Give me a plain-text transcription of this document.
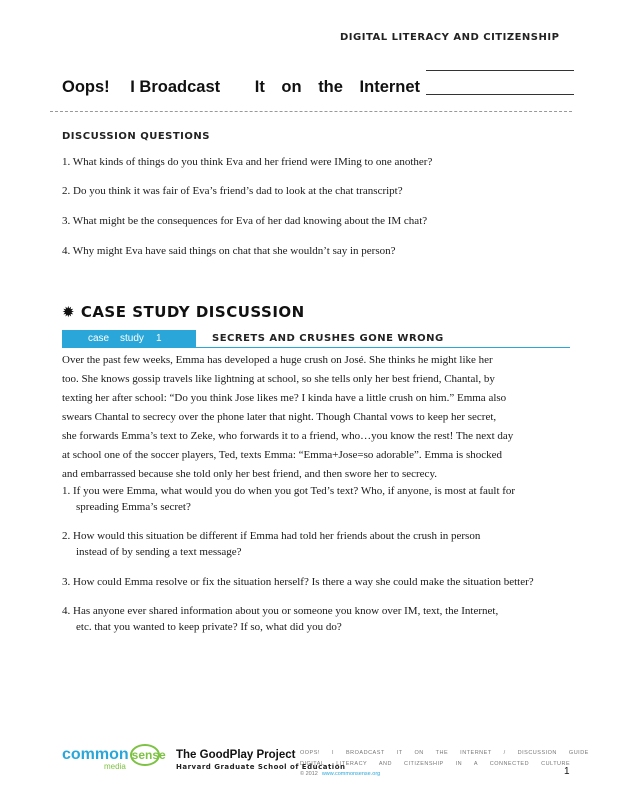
DIGITAL LITERACY AND CITIZENSHIP
Oops! I Broadcast It on the Internet
DISCUSSION QUESTIONS
1. What kinds of things do you think Eva and her friend were IMing to one another?
2. Do you think it was fair of Eva’s friend’s dad to look at the chat transcript?
3. What might be the consequences for Eva of her dad knowing about the IM chat?
4. Why might Eva have said things on chat that she wouldn’t say in person?
✹ CASE STUDY DISCUSSION
case study 1	SECRETS AND CRUSHES GONE WRONG
Over the past few weeks, Emma has developed a huge crush on José. She thinks he might like her
too. She knows gossip travels like lightning at school, so she tells only her best friend, Chantal, by
texting her after school: “Do you think Jose likes me? I kinda have a little crush on him.” Emma also
swears Chantal to secrecy over the phone later that night. Though Chantal vows to keep her secret,
she forwards Emma’s text to Zeke, who forwards it to a friend, who…you know the rest! The next day
at school one of the soccer players, Ted, texts Emma: “Emma+Jose=so adorable”. Emma is shocked
and embarrassed because she told only her best friend, and then swore her to secrecy.
1. If you were Emma, what would you do when you got Ted’s text? Who, if anyone, is most at fault for
spreading Emma’s secret?
2. How would this situation be different if Emma had told her friends about the crush in person
instead of by sending a text message?
3. How could Emma resolve or fix the situation herself? Is there a way she could make the situation better?
4. Has anyone ever shared information about you or someone you know over IM, text, the Internet,
etc. that you wanted to keep private? If so, what did you do?
common sense
media
The GoodPlay Project
Harvard Graduate School of Education
OOPS! I BROADCAST IT ON THE INTERNET / DISCUSSION GUIDE
DIGITAL LITERACY AND CITIZENSHIP IN A CONNECTED CULTURE
© 2012 www.commonsense.org	1
